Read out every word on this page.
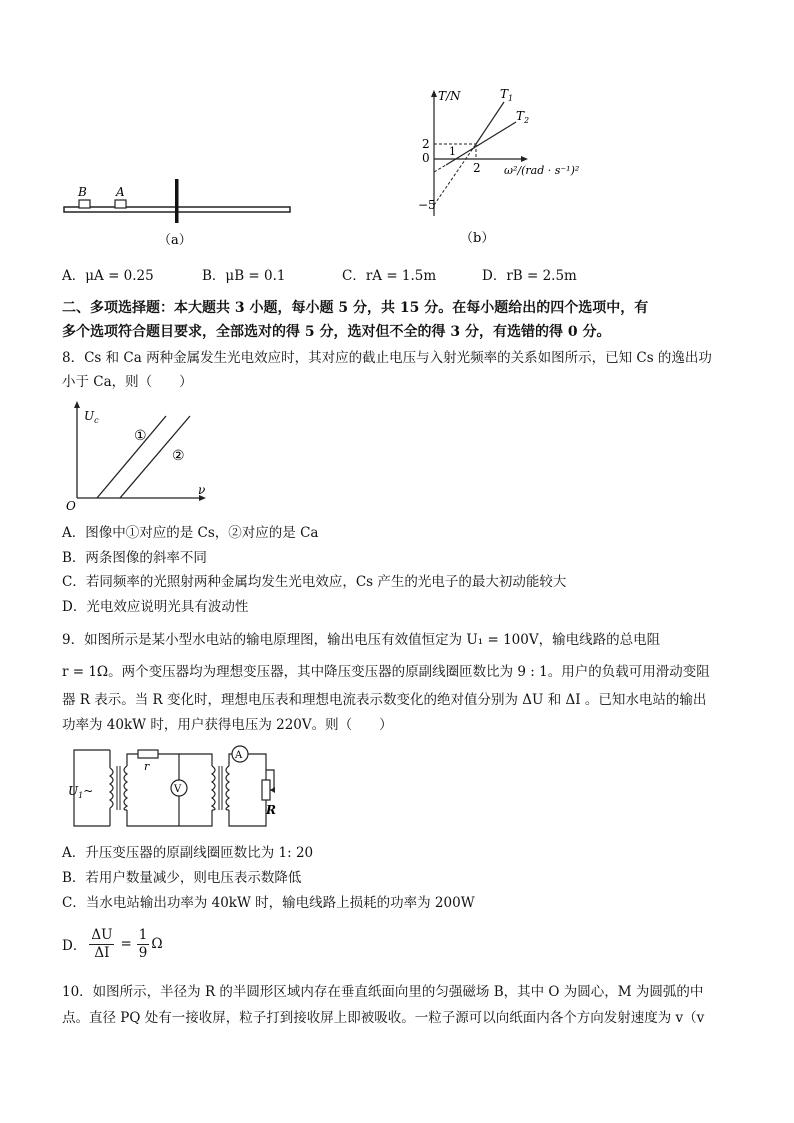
B A
（a）
T/N	$T_1$
$T_2$
2
0 1
2
−5
ω²/(rad · s⁻¹)²
（b）
A．μA = 0.25	B．μB = 0.1	C．rA = 1.5m	D．rB = 2.5m
二、多项选择题：本大题共 3 小题，每小题 5 分，共 15 分。在每小题给出的四个选项中，有
多个选项符合题目要求，全部选对的得 5 分，选对但不全的得 3 分，有选错的得 0 分。
8．Cs 和 Ca 两种金属发生光电效应时，其对应的截止电压与入射光频率的关系如图所示，已知 Cs 的逸出功
小于 Ca，则（　　）
$U_c$
①
②
O
ν
A．图像中①对应的是 Cs，②对应的是 Ca
B．两条图像的斜率不同
C．若同频率的光照射两种金属均发生光电效应，Cs 产生的光电子的最大初动能较大
D．光电效应说明光具有波动性
9．如图所示是某小型水电站的输电原理图，输出电压有效值恒定为 U₁ = 100V，输电线路的总电阻
r = 1Ω。两个变压器均为理想变压器，其中降压变压器的原副线圈匝数比为 9 : 1。用户的负载可用滑动变阻
器 R 表示。当 R 变化时，理想电压表和理想电流表示数变化的绝对值分别为 ΔU 和 ΔI 。已知水电站的输出
功率为 40kW 时，用户获得电压为 220V。则（　　）
$U_1\sim$
r
V
A
R
A．升压变压器的原副线圈匝数比为 1: 20
B．若用户数量减少，则电压表示数降低
C．当水电站输出功率为 40kW 时，输电线路上损耗的功率为 200W
D． $\frac{\Delta U}{\Delta I} = \frac{1}{9}$ Ω
10．如图所示，半径为 R 的半圆形区域内存在垂直纸面向里的匀强磁场 B，其中 O 为圆心，M 为圆弧的中
点。直径 PQ 处有一接收屏，粒子打到接收屏上即被吸收。一粒子源可以向纸面内各个方向发射速度为 v（v
